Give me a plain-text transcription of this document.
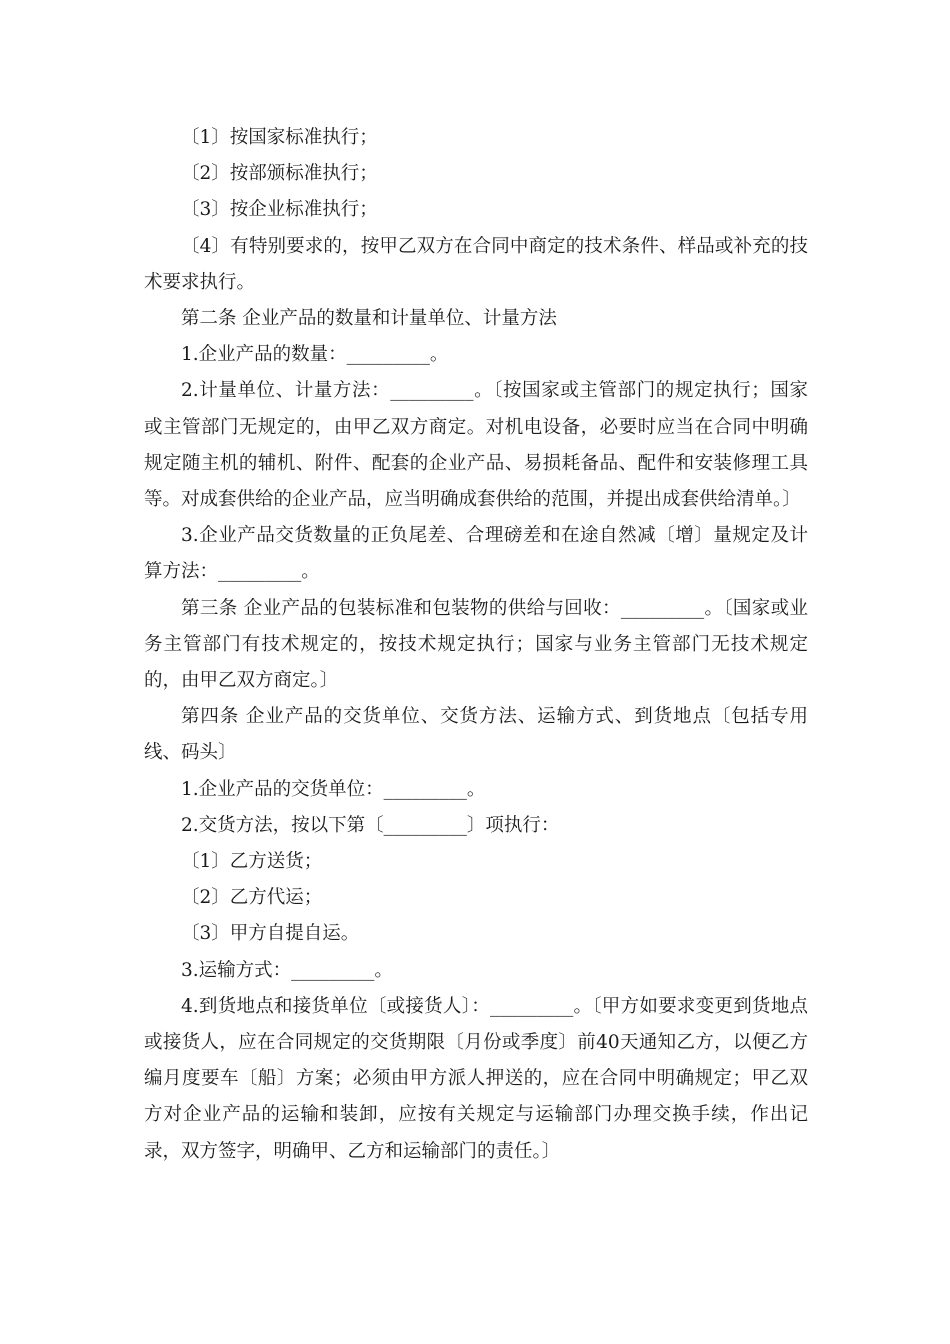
〔1〕按国家标准执行；

〔2〕按部颁标准执行；

〔3〕按企业标准执行；

〔4〕有特别要求的，按甲乙双方在合同中商定的技术条件、样品或补充的技术要求执行。

第二条 企业产品的数量和计量单位、计量方法

1.企业产品的数量：_________。

2.计量单位、计量方法：_________。〔按国家或主管部门的规定执行；国家或主管部门无规定的，由甲乙双方商定。对机电设备，必要时应当在合同中明确规定随主机的辅机、附件、配套的企业产品、易损耗备品、配件和安装修理工具等。对成套供给的企业产品，应当明确成套供给的范围，并提出成套供给清单。〕

3.企业产品交货数量的正负尾差、合理磅差和在途自然减〔增〕量规定及计算方法：_________。

第三条 企业产品的包装标准和包装物的供给与回收：_________。〔国家或业务主管部门有技术规定的，按技术规定执行；国家与业务主管部门无技术规定的，由甲乙双方商定。〕

第四条 企业产品的交货单位、交货方法、运输方式、到货地点〔包括专用线、码头〕

1.企业产品的交货单位：_________。

2.交货方法，按以下第〔_________〕项执行：

〔1〕乙方送货；

〔2〕乙方代运；

〔3〕甲方自提自运。

3.运输方式：_________。

4.到货地点和接货单位〔或接货人〕：_________。〔甲方如要求变更到货地点或接货人，应在合同规定的交货期限〔月份或季度〕前40天通知乙方，以便乙方编月度要车〔船〕方案；必须由甲方派人押送的，应在合同中明确规定；甲乙双方对企业产品的运输和装卸，应按有关规定与运输部门办理交换手续，作出记录，双方签字，明确甲、乙方和运输部门的责任。〕
